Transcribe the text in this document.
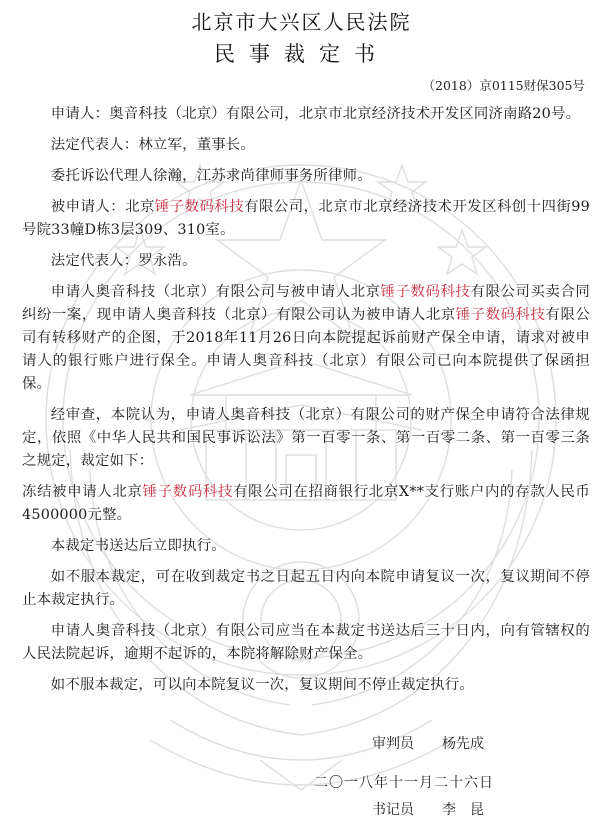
北京市大兴区人民法院
民事裁定书
（2018）京0115财保305号

申请人：奥音科技（北京）有限公司，北京市北京经济技术开发区同济南路20号。

法定代表人：林立军，董事长。

委托诉讼代理人徐瀚，江苏求尚律师事务所律师。

被申请人：北京锤子数码科技有限公司，北京市北京经济技术开发区科创十四街99号院33幢D栋3层309、310室。

法定代表人：罗永浩。

申请人奥音科技（北京）有限公司与被申请人北京锤子数码科技有限公司买卖合同纠纷一案，现申请人奥音科技（北京）有限公司认为被申请人北京锤子数码科技有限公司有转移财产的企图，于2018年11月26日向本院提起诉前财产保全申请，请求对被申请人的银行账户进行保全。申请人奥音科技（北京）有限公司已向本院提供了保函担保。

经审查，本院认为，申请人奥音科技（北京）有限公司的财产保全申请符合法律规定，依照《中华人民共和国民事诉讼法》第一百零一条、第一百零二条、第一百零三条之规定，裁定如下：

冻结被申请人北京锤子数码科技有限公司在招商银行北京X**支行账户内的存款人民币4500000元整。

本裁定书送达后立即执行。

如不服本裁定，可在收到裁定书之日起五日内向本院申请复议一次，复议期间不停止本裁定执行。

申请人奥音科技（北京）有限公司应当在本裁定书送达后三十日内，向有管辖权的人民法院起诉，逾期不起诉的，本院将解除财产保全。

如不服本裁定，可以向本院复议一次，复议期间不停止裁定执行。

审判员 杨先成
二〇一八年十一月二十六日
书记员 李　昆
